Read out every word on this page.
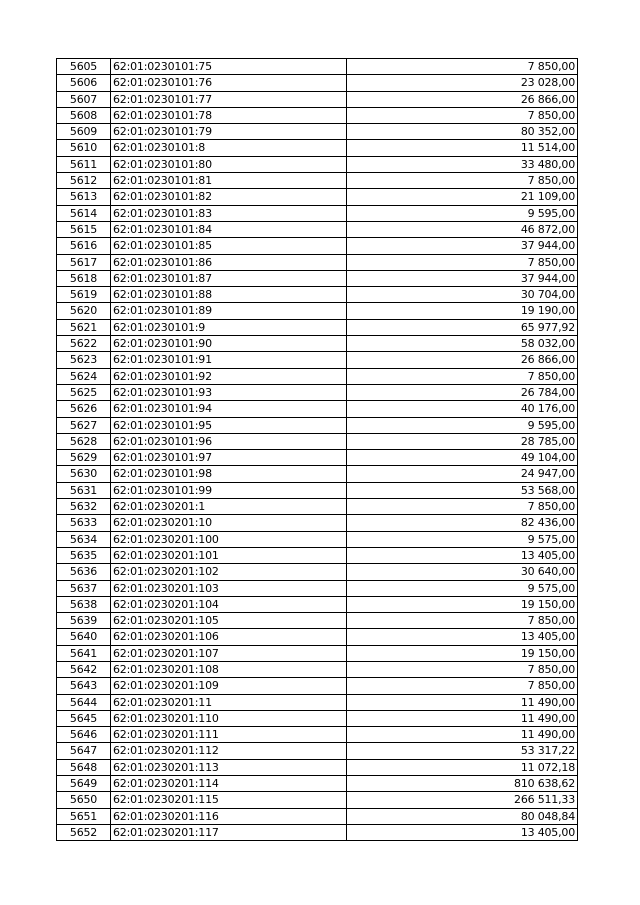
5605	62:01:0230101:75	7 850,00
5606	62:01:0230101:76	23 028,00
5607	62:01:0230101:77	26 866,00
5608	62:01:0230101:78	7 850,00
5609	62:01:0230101:79	80 352,00
5610	62:01:0230101:8	11 514,00
5611	62:01:0230101:80	33 480,00
5612	62:01:0230101:81	7 850,00
5613	62:01:0230101:82	21 109,00
5614	62:01:0230101:83	9 595,00
5615	62:01:0230101:84	46 872,00
5616	62:01:0230101:85	37 944,00
5617	62:01:0230101:86	7 850,00
5618	62:01:0230101:87	37 944,00
5619	62:01:0230101:88	30 704,00
5620	62:01:0230101:89	19 190,00
5621	62:01:0230101:9	65 977,92
5622	62:01:0230101:90	58 032,00
5623	62:01:0230101:91	26 866,00
5624	62:01:0230101:92	7 850,00
5625	62:01:0230101:93	26 784,00
5626	62:01:0230101:94	40 176,00
5627	62:01:0230101:95	9 595,00
5628	62:01:0230101:96	28 785,00
5629	62:01:0230101:97	49 104,00
5630	62:01:0230101:98	24 947,00
5631	62:01:0230101:99	53 568,00
5632	62:01:0230201:1	7 850,00
5633	62:01:0230201:10	82 436,00
5634	62:01:0230201:100	9 575,00
5635	62:01:0230201:101	13 405,00
5636	62:01:0230201:102	30 640,00
5637	62:01:0230201:103	9 575,00
5638	62:01:0230201:104	19 150,00
5639	62:01:0230201:105	7 850,00
5640	62:01:0230201:106	13 405,00
5641	62:01:0230201:107	19 150,00
5642	62:01:0230201:108	7 850,00
5643	62:01:0230201:109	7 850,00
5644	62:01:0230201:11	11 490,00
5645	62:01:0230201:110	11 490,00
5646	62:01:0230201:111	11 490,00
5647	62:01:0230201:112	53 317,22
5648	62:01:0230201:113	11 072,18
5649	62:01:0230201:114	810 638,62
5650	62:01:0230201:115	266 511,33
5651	62:01:0230201:116	80 048,84
5652	62:01:0230201:117	13 405,00
